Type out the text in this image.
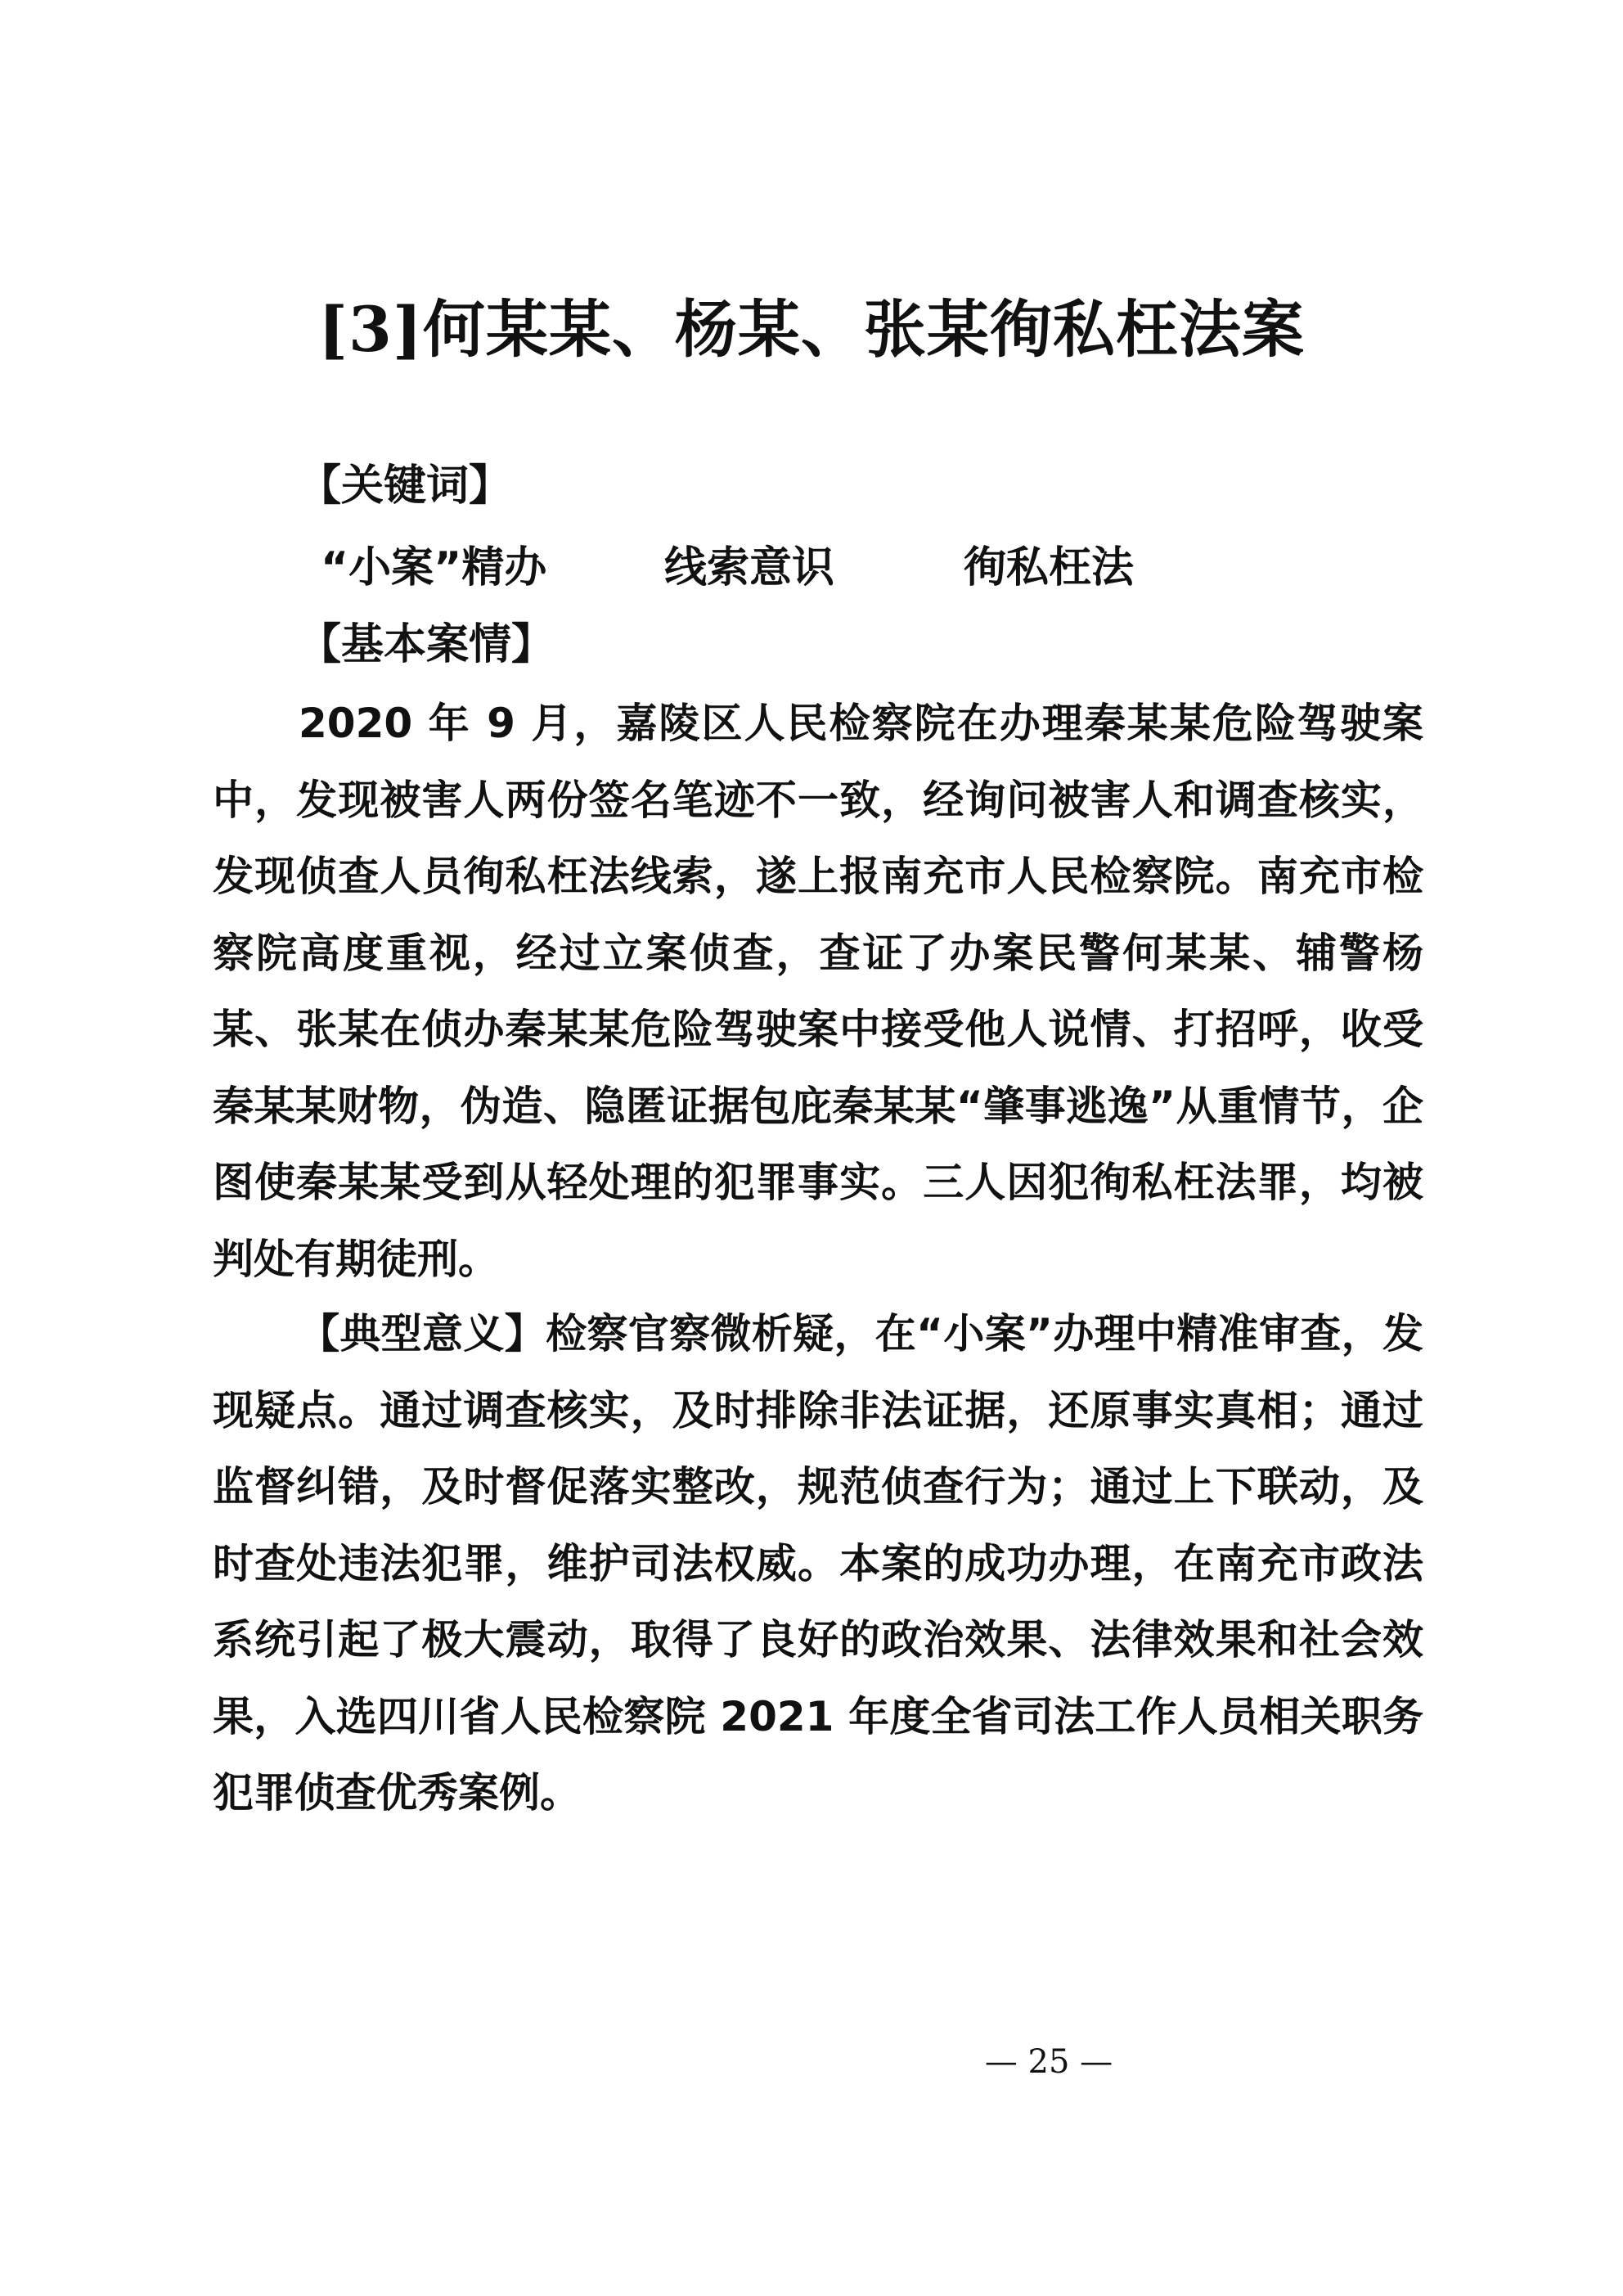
[3]何某某、杨某、张某徇私枉法案
【关键词】
“小案”精办	线索意识	徇私枉法
【基本案情】

2020 年 9 月，嘉陵区人民检察院在办理秦某某危险驾驶案中，发现被害人两份签名笔迹不一致，经询问被害人和调查核实，发现侦查人员徇私枉法线索，遂上报南充市人民检察院。南充市检察院高度重视，经过立案侦查，查证了办案民警何某某、辅警杨某、张某在侦办秦某某危险驾驶案中接受他人说情、打招呼，收受秦某某财物，伪造、隐匿证据包庇秦某某“肇事逃逸”从重情节，企图使秦某某受到从轻处理的犯罪事实。三人因犯徇私枉法罪，均被判处有期徒刑。

【典型意义】检察官察微析疑，在“小案”办理中精准审查，发现疑点。通过调查核实，及时排除非法证据，还原事实真相；通过监督纠错，及时督促落实整改，规范侦查行为；通过上下联动，及时查处违法犯罪，维护司法权威。本案的成功办理，在南充市政法系统引起了极大震动，取得了良好的政治效果、法律效果和社会效果，入选四川省人民检察院 2021 年度全省司法工作人员相关职务犯罪侦查优秀案例。

— 25 —
